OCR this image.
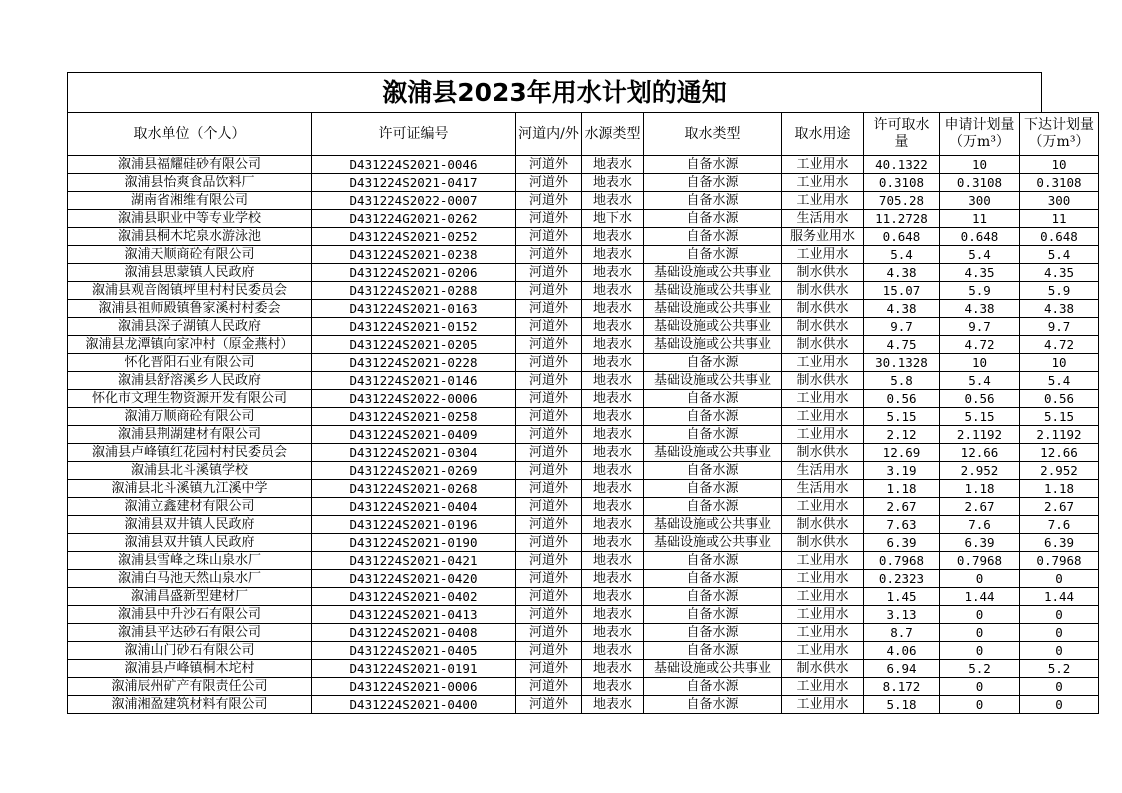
溆浦县2023年用水计划的通知
取水单位（个人）	许可证编号	河道内/外	水源类型	取水类型	取水用途	许可取水量	申请计划量（万m³）	下达计划量（万m³）
溆浦县福耀硅砂有限公司	D431224S2021-0046	河道外	地表水	自备水源	工业用水	40.1322	10	10
溆浦县怡爽食品饮料厂	D431224S2021-0417	河道外	地表水	自备水源	工业用水	0.3108	0.3108	0.3108
湖南省湘维有限公司	D431224S2022-0007	河道外	地表水	自备水源	工业用水	705.28	300	300
溆浦县职业中等专业学校	D431224G2021-0262	河道外	地下水	自备水源	生活用水	11.2728	11	11
溆浦县桐木坨泉水游泳池	D431224S2021-0252	河道外	地表水	自备水源	服务业用水	0.648	0.648	0.648
溆浦天顺商砼有限公司	D431224S2021-0238	河道外	地表水	自备水源	工业用水	5.4	5.4	5.4
溆浦县思蒙镇人民政府	D431224S2021-0206	河道外	地表水	基础设施或公共事业	制水供水	4.38	4.35	4.35
溆浦县观音阁镇坪里村村民委员会	D431224S2021-0288	河道外	地表水	基础设施或公共事业	制水供水	15.07	5.9	5.9
溆浦县祖师殿镇鲁家溪村村委会	D431224S2021-0163	河道外	地表水	基础设施或公共事业	制水供水	4.38	4.38	4.38
溆浦县深子湖镇人民政府	D431224S2021-0152	河道外	地表水	基础设施或公共事业	制水供水	9.7	9.7	9.7
溆浦县龙潭镇向家冲村（原金燕村）	D431224S2021-0205	河道外	地表水	基础设施或公共事业	制水供水	4.75	4.72	4.72
怀化晋阳石业有限公司	D431224S2021-0228	河道外	地表水	自备水源	工业用水	30.1328	10	10
溆浦县舒溶溪乡人民政府	D431224S2021-0146	河道外	地表水	基础设施或公共事业	制水供水	5.8	5.4	5.4
怀化市文理生物资源开发有限公司	D431224S2022-0006	河道外	地表水	自备水源	工业用水	0.56	0.56	0.56
溆浦万顺商砼有限公司	D431224S2021-0258	河道外	地表水	自备水源	工业用水	5.15	5.15	5.15
溆浦县荆湖建材有限公司	D431224S2021-0409	河道外	地表水	自备水源	工业用水	2.12	2.1192	2.1192
溆浦县卢峰镇红花园村村民委员会	D431224S2021-0304	河道外	地表水	基础设施或公共事业	制水供水	12.69	12.66	12.66
溆浦县北斗溪镇学校	D431224S2021-0269	河道外	地表水	自备水源	生活用水	3.19	2.952	2.952
溆浦县北斗溪镇九江溪中学	D431224S2021-0268	河道外	地表水	自备水源	生活用水	1.18	1.18	1.18
溆浦立鑫建材有限公司	D431224S2021-0404	河道外	地表水	自备水源	工业用水	2.67	2.67	2.67
溆浦县双井镇人民政府	D431224S2021-0196	河道外	地表水	基础设施或公共事业	制水供水	7.63	7.6	7.6
溆浦县双井镇人民政府	D431224S2021-0190	河道外	地表水	基础设施或公共事业	制水供水	6.39	6.39	6.39
溆浦县雪峰之珠山泉水厂	D431224S2021-0421	河道外	地表水	自备水源	工业用水	0.7968	0.7968	0.7968
溆浦白马池天然山泉水厂	D431224S2021-0420	河道外	地表水	自备水源	工业用水	0.2323	0	0
溆浦昌盛新型建材厂	D431224S2021-0402	河道外	地表水	自备水源	工业用水	1.45	1.44	1.44
溆浦县中升沙石有限公司	D431224S2021-0413	河道外	地表水	自备水源	工业用水	3.13	0	0
溆浦县平达砂石有限公司	D431224S2021-0408	河道外	地表水	自备水源	工业用水	8.7	0	0
溆浦山门砂石有限公司	D431224S2021-0405	河道外	地表水	自备水源	工业用水	4.06	0	0
溆浦县卢峰镇桐木坨村	D431224S2021-0191	河道外	地表水	基础设施或公共事业	制水供水	6.94	5.2	5.2
溆浦辰州矿产有限责任公司	D431224S2021-0006	河道外	地表水	自备水源	工业用水	8.172	0	0
溆浦湘盈建筑材料有限公司	D431224S2021-0400	河道外	地表水	自备水源	工业用水	5.18	0	0
